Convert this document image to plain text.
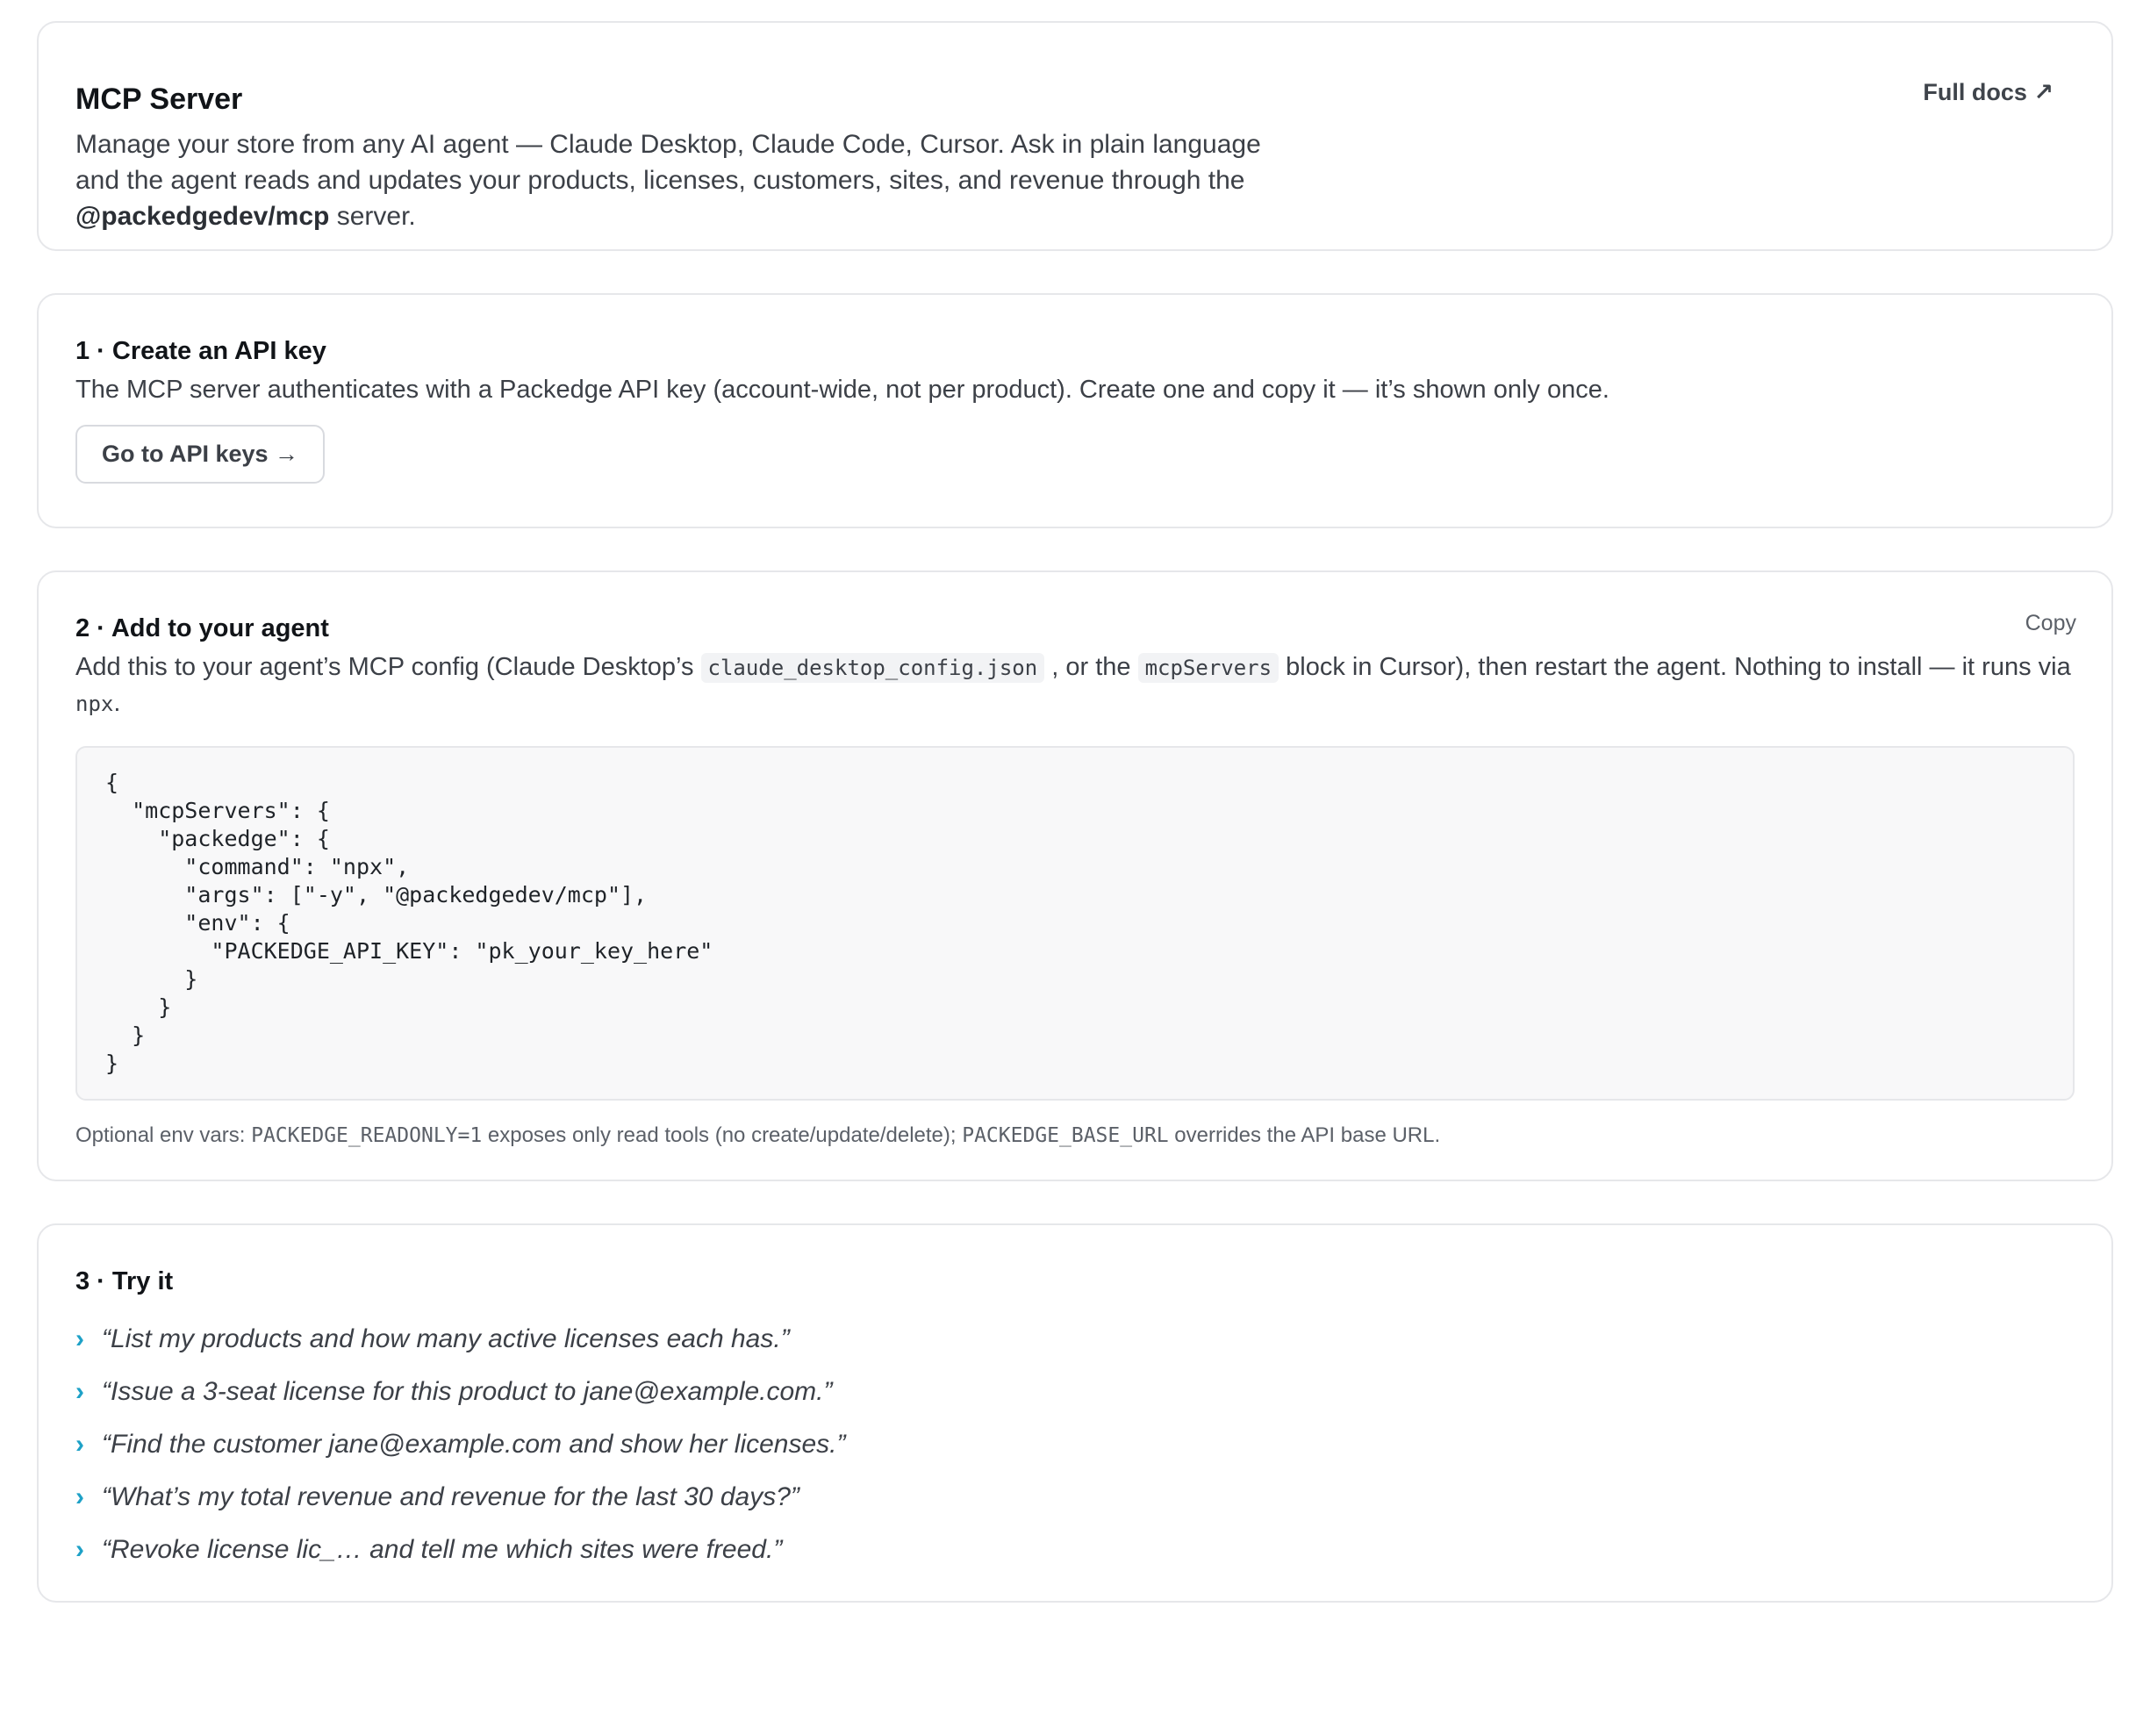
MCP Server
Manage your store from any AI agent — Claude Desktop, Claude Code, Cursor. Ask in plain language and the agent reads and updates your products, licenses, customers, sites, and revenue through the @packedgedev/mcp server.
Full docs ↗
1 · Create an API key
The MCP server authenticates with a Packedge API key (account-wide, not per product). Create one and copy it — it’s shown only once.
Go to API keys →
2 · Add to your agent	Copy
Add this to your agent’s MCP config (Claude Desktop’s claude_desktop_config.json , or the mcpServers block in Cursor), then restart the agent. Nothing to install — it runs via npx.
{
"mcpServers": {
"packedge": {
"command": "npx",
"args": ["-y", "@packedgedev/mcp"],
"env": {
"PACKEDGE_API_KEY": "pk_your_key_here"
}
}
}
}
Optional env vars: PACKEDGE_READONLY=1 exposes only read tools (no create/update/delete); PACKEDGE_BASE_URL overrides the API base URL.
3 · Try it
› “List my products and how many active licenses each has.”
› “Issue a 3-seat license for this product to jane@example.com.”
› “Find the customer jane@example.com and show her licenses.”
› “What’s my total revenue and revenue for the last 30 days?”
› “Revoke license lic_… and tell me which sites were freed.”
